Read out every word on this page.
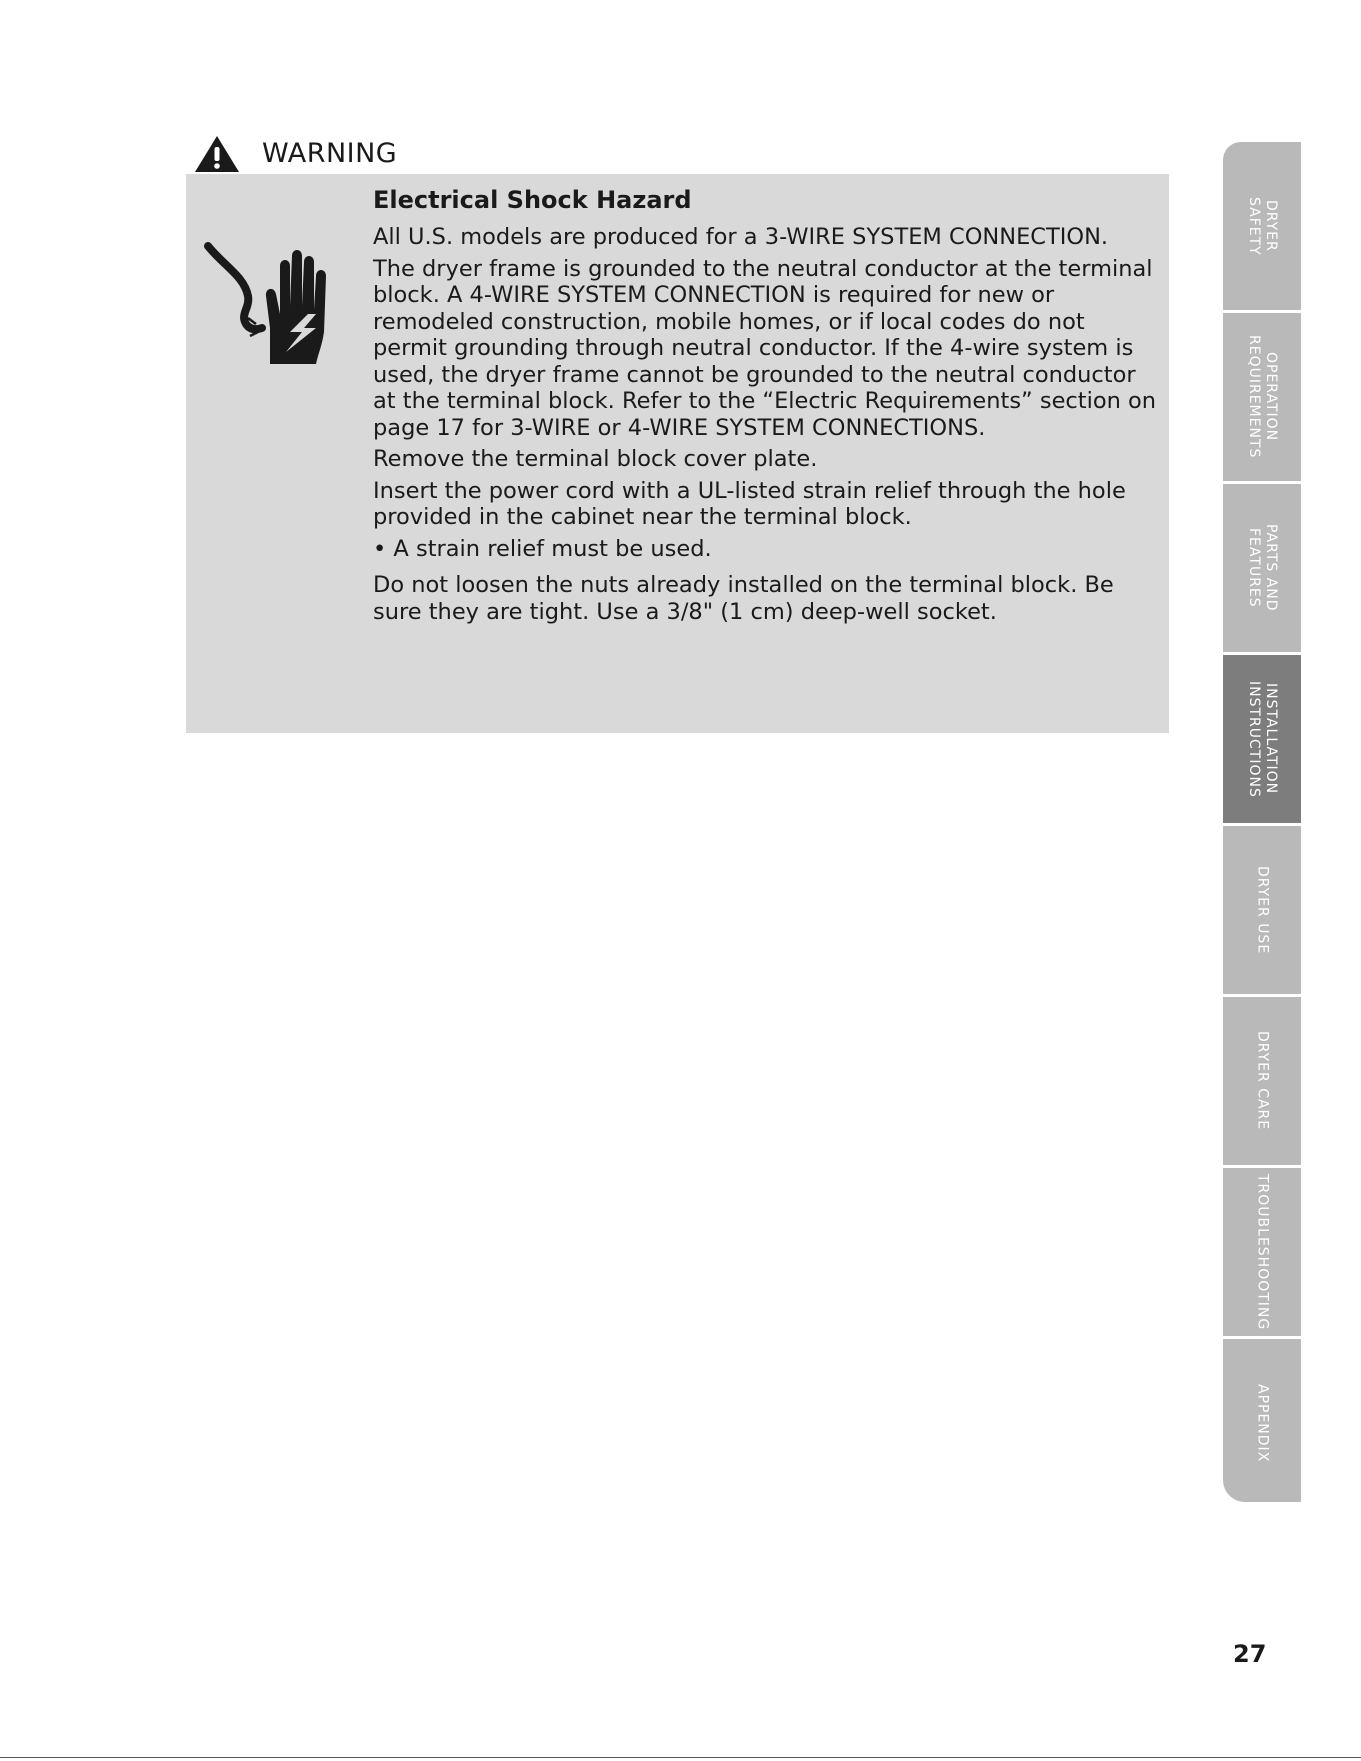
WARNING
Electrical Shock Hazard

All U.S. models are produced for a 3-WIRE SYSTEM CONNECTION.

The dryer frame is grounded to the neutral conductor at the terminal block. A 4-WIRE SYSTEM CONNECTION is required for new or remodeled construction, mobile homes, or if local codes do not permit grounding through neutral conductor. If the 4-wire system is used, the dryer frame cannot be grounded to the neutral conductor at the terminal block. Refer to the “Electric Requirements” section on page 17 for 3-WIRE or 4-WIRE SYSTEM CONNECTIONS.

Remove the terminal block cover plate.

Insert the power cord with a UL-listed strain relief through the hole provided in the cabinet near the terminal block.

• A strain relief must be used.

Do not loosen the nuts already installed on the terminal block. Be sure they are tight. Use a 3/8" (1 cm) deep-well socket.

DRYER
SAFETY
OPERATION
REQUIREMENTS
PARTS AND
FEATURES
INSTALLATION
INSTRUCTIONS
DRYER USE
DRYER CARE
TROUBLESHOOTING
APPENDIX
27
